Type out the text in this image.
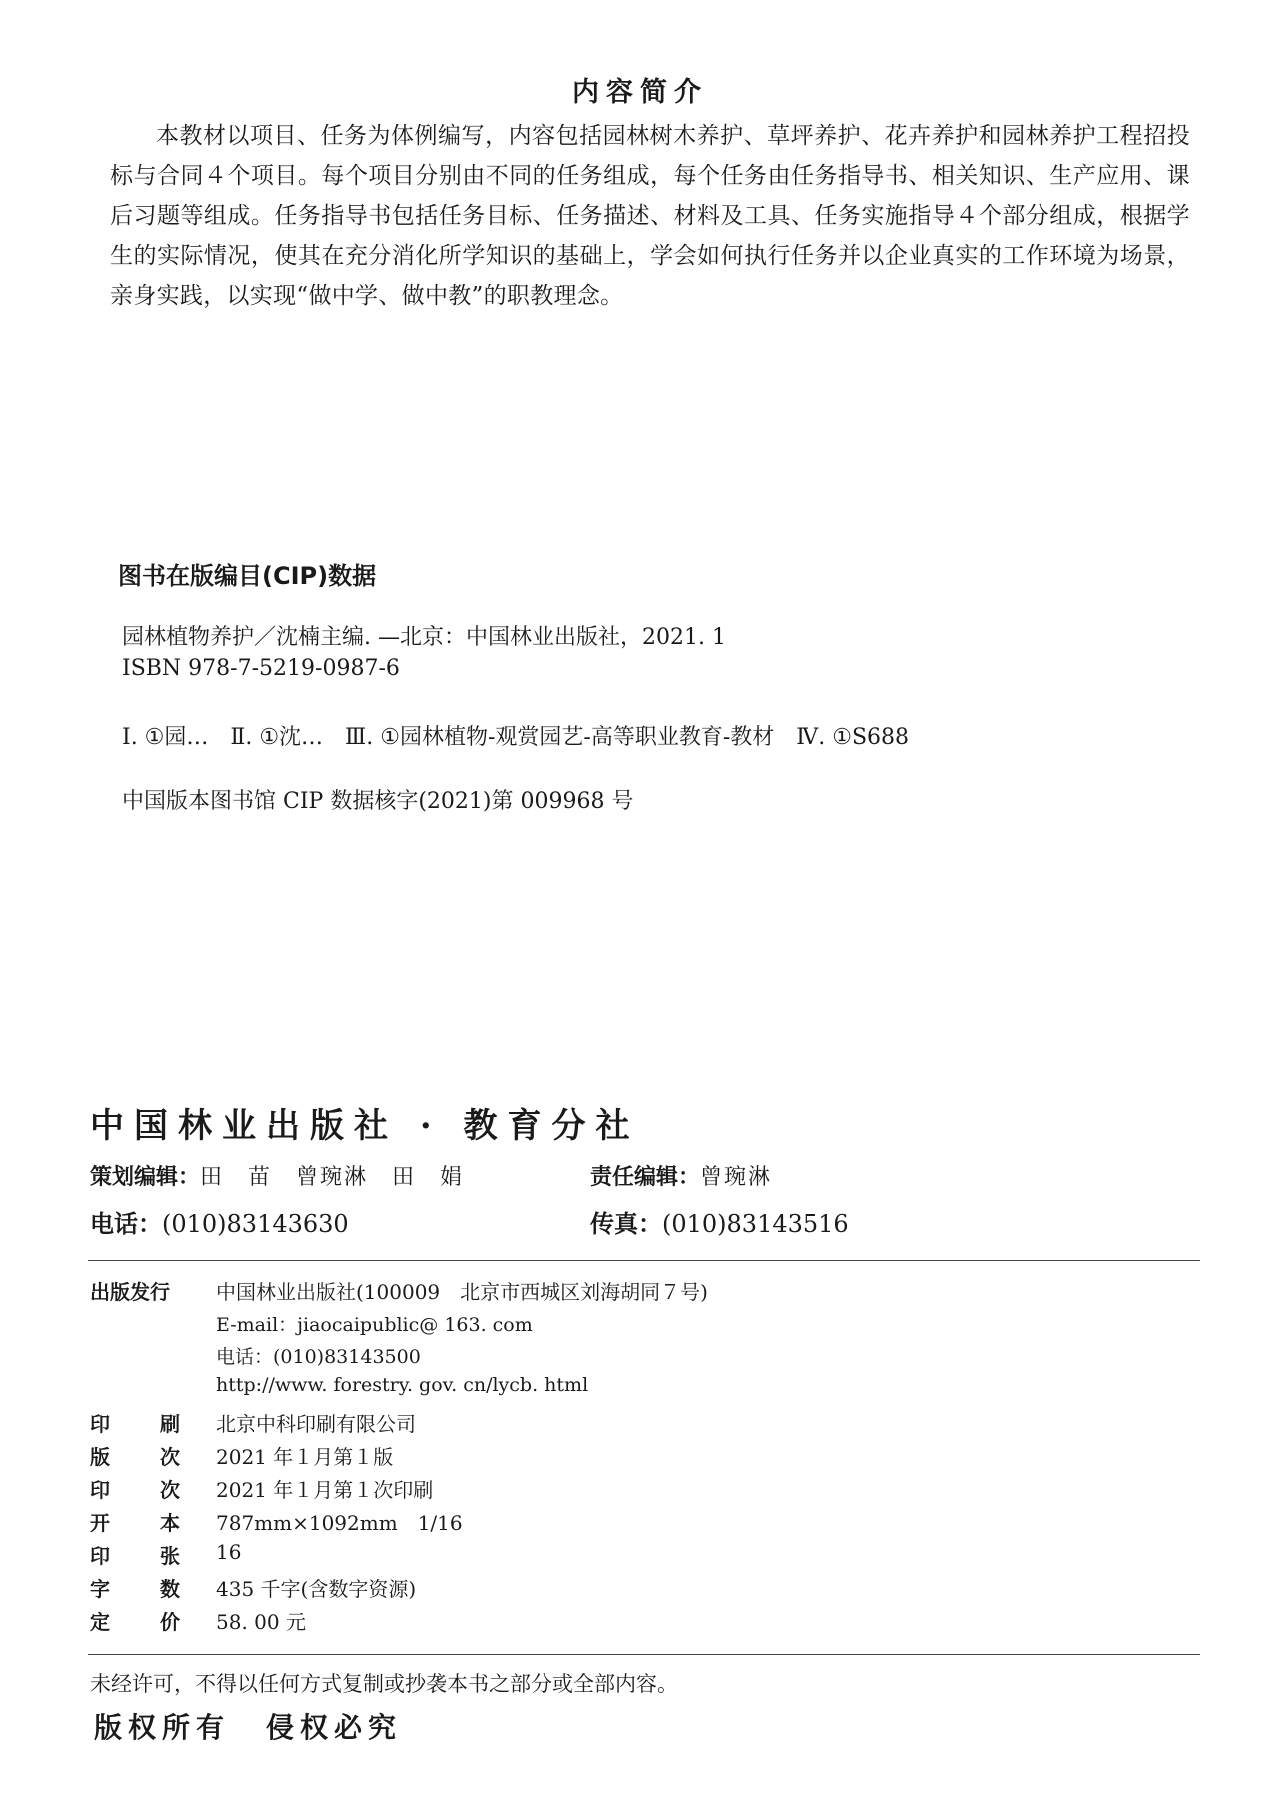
内容简介
本教材以项目、任务为体例编写，内容包括园林树木养护、草坪养护、花卉养护和园林养护工程招投标与合同４个项目。每个项目分别由不同的任务组成，每个任务由任务指导书、相关知识、生产应用、课后习题等组成。任务指导书包括任务目标、任务描述、材料及工具、任务实施指导４个部分组成，根据学生的实际情况，使其在充分消化所学知识的基础上，学会如何执行任务并以企业真实的工作环境为场景，亲身实践，以实现“做中学、做中教”的职教理念。
图书在版编目(CIP)数据
园林植物养护／沈楠主编. —北京：中国林业出版社，2021. 1
ISBN 978-7-5219-0987-6
Ⅰ. ①园…　Ⅱ. ①沈…　Ⅲ. ①园林植物-观赏园艺-高等职业教育-教材　Ⅳ. ①S688
中国版本图书馆 CIP 数据核字(2021)第 009968 号
中国林业出版社 · 教育分社
策划编辑：田　苗　曾琬淋　田　娟	责任编辑：曾琬淋
电话：(010)83143630	传真：(010)83143516
出版发行 中国林业出版社(100009　北京市西城区刘海胡同７号)
E-mail：jiaocaipublic@ 163. com
电话：(010)83143500
http://www. forestry. gov. cn/lycb. html
印	刷 北京中科印刷有限公司
版	次 2021 年１月第１版
印	次 2021 年１月第１次印刷
开	本 787mm×1092mm　1/16
印	张 16
字	数 435 千字(含数字资源)
定	价 58. 00 元
未经许可，不得以任何方式复制或抄袭本书之部分或全部内容。
版权所有 侵权必究
